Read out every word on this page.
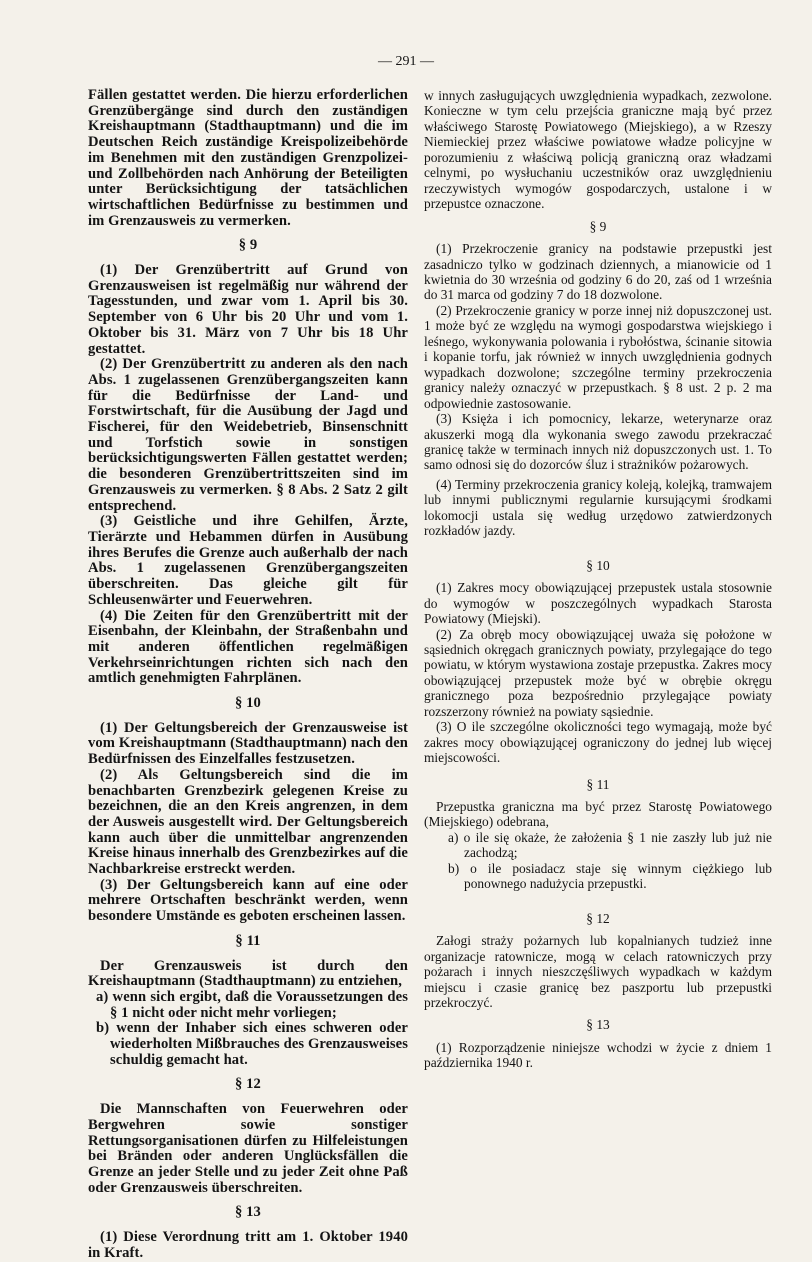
— 291 —

Fällen gestattet werden. Die hierzu erforderlichen Grenzübergänge sind durch den zuständigen Kreishauptmann (Stadthauptmann) und die im Deutschen Reich zuständige Kreispolizeibehörde im Benehmen mit den zuständigen Grenzpolizei- und Zollbehörden nach Anhörung der Beteiligten unter Berücksichtigung der tatsächlichen wirtschaftlichen Bedürfnisse zu bestimmen und im Grenzausweis zu vermerken.

§ 9

(1) Der Grenzübertritt auf Grund von Grenzausweisen ist regelmäßig nur während der Tagesstunden, und zwar vom 1. April bis 30. September von 6 Uhr bis 20 Uhr und vom 1. Oktober bis 31. März von 7 Uhr bis 18 Uhr gestattet.

(2) Der Grenzübertritt zu anderen als den nach Abs. 1 zugelassenen Grenzübergangszeiten kann für die Bedürfnisse der Land- und Forstwirtschaft, für die Ausübung der Jagd und Fischerei, für den Weidebetrieb, Binsenschnitt und Torfstich sowie in sonstigen berücksichtigungswerten Fällen gestattet werden; die besonderen Grenzübertrittszeiten sind im Grenzausweis zu vermerken. § 8 Abs. 2 Satz 2 gilt entsprechend.

(3) Geistliche und ihre Gehilfen, Ärzte, Tierärzte und Hebammen dürfen in Ausübung ihres Berufes die Grenze auch außerhalb der nach Abs. 1 zugelassenen Grenzübergangszeiten überschreiten. Das gleiche gilt für Schleusenwärter und Feuerwehren.

(4) Die Zeiten für den Grenzübertritt mit der Eisenbahn, der Kleinbahn, der Straßenbahn und mit anderen öffentlichen regelmäßigen Verkehrseinrichtungen richten sich nach den amtlich genehmigten Fahrplänen.

§ 10

(1) Der Geltungsbereich der Grenzausweise ist vom Kreishauptmann (Stadthauptmann) nach den Bedürfnissen des Einzelfalles festzusetzen.

(2) Als Geltungsbereich sind die im benachbarten Grenzbezirk gelegenen Kreise zu bezeichnen, die an den Kreis angrenzen, in dem der Ausweis ausgestellt wird. Der Geltungsbereich kann auch über die unmittelbar angrenzenden Kreise hinaus innerhalb des Grenzbezirkes auf die Nachbarkreise erstreckt werden.

(3) Der Geltungsbereich kann auf eine oder mehrere Ortschaften beschränkt werden, wenn besondere Umstände es geboten erscheinen lassen.

§ 11

Der Grenzausweis ist durch den Kreishauptmann (Stadthauptmann) zu entziehen,

a) wenn sich ergibt, daß die Voraussetzungen des § 1 nicht oder nicht mehr vorliegen;

b) wenn der Inhaber sich eines schweren oder wiederholten Mißbrauches des Grenzausweises schuldig gemacht hat.

§ 12

Die Mannschaften von Feuerwehren oder Bergwehren sowie sonstiger Rettungsorganisationen dürfen zu Hilfeleistungen bei Bränden oder anderen Unglücksfällen die Grenze an jeder Stelle und zu jeder Zeit ohne Paß oder Grenzausweis überschreiten.

§ 13

(1) Diese Verordnung tritt am 1. Oktober 1940 in Kraft.

w innych zasługujących uwzględnienia wypadkach, zezwolone. Konieczne w tym celu przejścia graniczne mają być przez właściwego Starostę Powiatowego (Miejskiego), a w Rzeszy Niemieckiej przez właściwe powiatowe władze policyjne w porozumieniu z właściwą policją graniczną oraz władzami celnymi, po wysłuchaniu uczestników oraz uwzględnieniu rzeczywistych wymogów gospodarczych, ustalone i w przepustce oznaczone.

§ 9

(1) Przekroczenie granicy na podstawie przepustki jest zasadniczo tylko w godzinach dziennych, a mianowicie od 1 kwietnia do 30 września od godziny 6 do 20, zaś od 1 września do 31 marca od godziny 7 do 18 dozwolone.

(2) Przekroczenie granicy w porze innej niż dopuszczonej ust. 1 może być ze względu na wymogi gospodarstwa wiejskiego i leśnego, wykonywania polowania i rybołóstwa, ścinanie sitowia i kopanie torfu, jak również w innych uwzględnienia godnych wypadkach dozwolone; szczególne terminy przekroczenia granicy należy oznaczyć w przepustkach. § 8 ust. 2 p. 2 ma odpowiednie zastosowanie.

(3) Księża i ich pomocnicy, lekarze, weterynarze oraz akuszerki mogą dla wykonania swego zawodu przekraczać granicę także w terminach innych niż dopuszczonych ust. 1. To samo odnosi się do dozorców śluz i strażników pożarowych.

(4) Terminy przekroczenia granicy koleją, kolejką, tramwajem lub innymi publicznymi regularnie kursującymi środkami lokomocji ustala się według urzędowo zatwierdzonych rozkładów jazdy.

§ 10

(1) Zakres mocy obowiązującej przepustek ustala stosownie do wymogów w poszczególnych wypadkach Starosta Powiatowy (Miejski).

(2) Za obręb mocy obowiązującej uważa się położone w sąsiednich okręgach granicznych powiaty, przylegające do tego powiatu, w którym wystawiona zostaje przepustka. Zakres mocy obowiązującej przepustek może być w obrębie okręgu granicznego poza bezpośrednio przylegające powiaty rozszerzony również na powiaty sąsiednie.

(3) O ile szczególne okoliczności tego wymagają, może być zakres mocy obowiązującej ograniczony do jednej lub więcej miejscowości.

§ 11

Przepustka graniczna ma być przez Starostę Powiatowego (Miejskiego) odebrana,

a) o ile się okaże, że założenia § 1 nie zaszły lub już nie zachodzą;

b) o ile posiadacz staje się winnym ciężkiego lub ponownego nadużycia przepustki.

§ 12

Załogi straży pożarnych lub kopalnianych tudzież inne organizacje ratownicze, mogą w celach ratowniczych przy pożarach i innych nieszczęśliwych wypadkach w każdym miejscu i czasie granicę bez paszportu lub przepustki przekroczyć.

§ 13

(1) Rozporządzenie niniejsze wchodzi w życie z dniem 1 października 1940 r.
